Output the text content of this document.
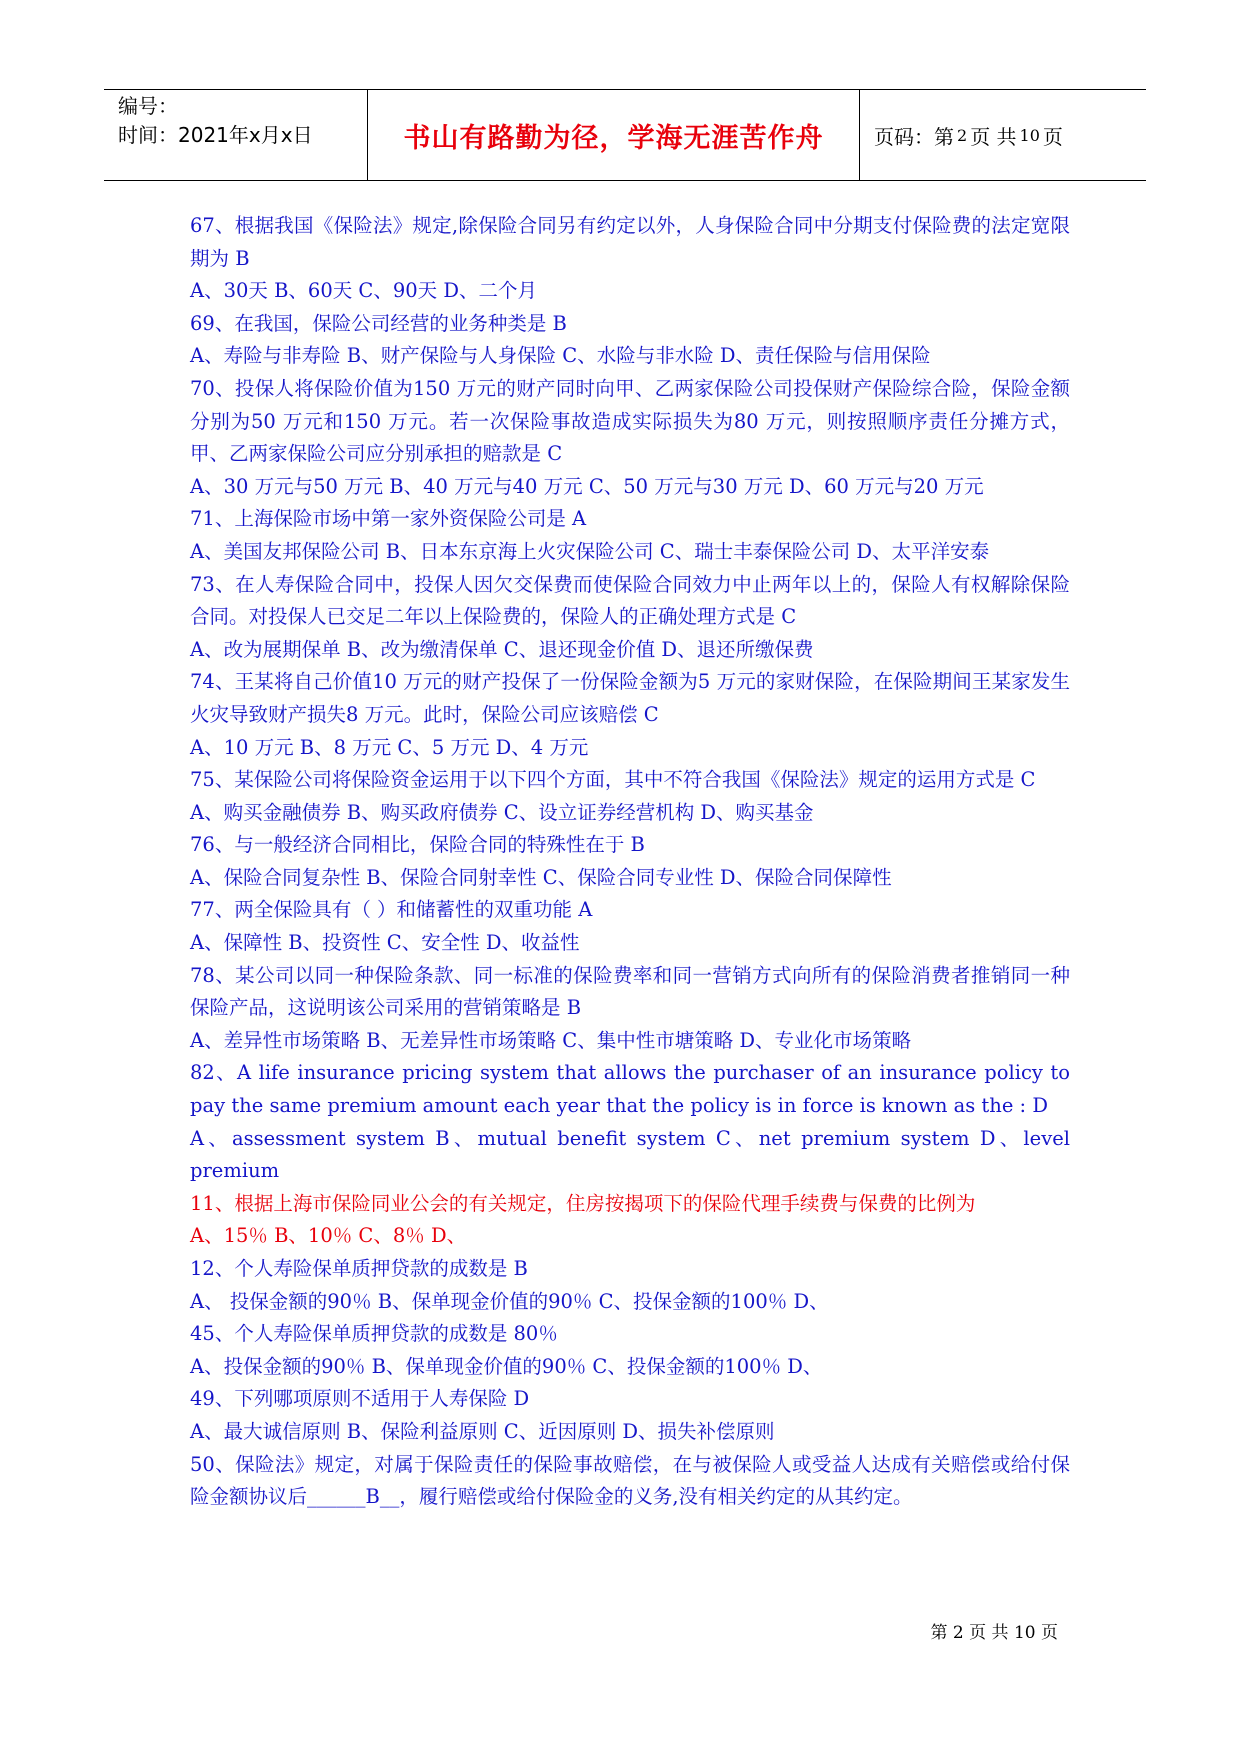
编号：
时间：2021年x月x日	书山有路勤为径，学海无涯苦作舟	页码：第 2 页 共 10 页

67、根据我国《保险法》规定,除保险合同另有约定以外，人身保险合同中分期支付保险费的法定宽限期为 B

A、30天 B、60天 C、90天 D、二个月

69、在我国，保险公司经营的业务种类是 B

A、寿险与非寿险 B、财产保险与人身保险 C、水险与非水险 D、责任保险与信用保险

70、投保人将保险价值为150 万元的财产同时向甲、乙两家保险公司投保财产保险综合险，保险金额分别为50 万元和150 万元。若一次保险事故造成实际损失为80 万元，则按照顺序责任分摊方式，甲、乙两家保险公司应分别承担的赔款是 C

A、30 万元与50 万元 B、40 万元与40 万元 C、50 万元与30 万元 D、60 万元与20 万元

71、上海保险市场中第一家外资保险公司是 A

A、美国友邦保险公司 B、日本东京海上火灾保险公司 C、瑞士丰泰保险公司 D、太平洋安泰

73、在人寿保险合同中，投保人因欠交保费而使保险合同效力中止两年以上的，保险人有权解除保险合同。对投保人已交足二年以上保险费的，保险人的正确处理方式是 C

A、改为展期保单 B、改为缴清保单 C、退还现金价值 D、退还所缴保费

74、王某将自己价值10 万元的财产投保了一份保险金额为5 万元的家财保险，在保险期间王某家发生火灾导致财产损失8 万元。此时，保险公司应该赔偿 C

A、10 万元 B、8 万元 C、5 万元 D、4 万元

75、某保险公司将保险资金运用于以下四个方面，其中不符合我国《保险法》规定的运用方式是 C

A、购买金融债券 B、购买政府债券 C、设立证券经营机构 D、购买基金

76、与一般经济合同相比，保险合同的特殊性在于 B

A、保险合同复杂性 B、保险合同射幸性 C、保险合同专业性 D、保险合同保障性

77、两全保险具有（ ）和储蓄性的双重功能 A

A、保障性 B、投资性 C、安全性 D、收益性

78、某公司以同一种保险条款、同一标准的保险费率和同一营销方式向所有的保险消费者推销同一种保险产品，这说明该公司采用的营销策略是 B

A、差异性市场策略 B、无差异性市场策略 C、集中性市塘策略 D、专业化市场策略

82、A life insurance pricing system that allows the purchaser of an insurance policy to pay the same premium amount each year that the policy is in force is known as the : D

A、assessment system B、mutual benefit system C、net premium system D、level premium

11、根据上海市保险同业公会的有关规定，住房按揭项下的保险代理手续费与保费的比例为

A、15％ B、10％ C、8％ D、

12、个人寿险保单质押贷款的成数是 B

A、 投保金额的90％ B、保单现金价值的90％ C、投保金额的100％ D、

45、个人寿险保单质押贷款的成数是 80％

A、投保金额的90％ B、保单现金价值的90％ C、投保金额的100％ D、

49、下列哪项原则不适用于人寿保险 D

A、最大诚信原则 B、保险利益原则 C、近因原则 D、损失补偿原则

50、保险法》规定，对属于保险责任的保险事故赔偿，在与被保险人或受益人达成有关赔偿或给付保险金额协议后______B__，履行赔偿或给付保险金的义务,没有相关约定的从其约定。

第 2 页 共 10 页
